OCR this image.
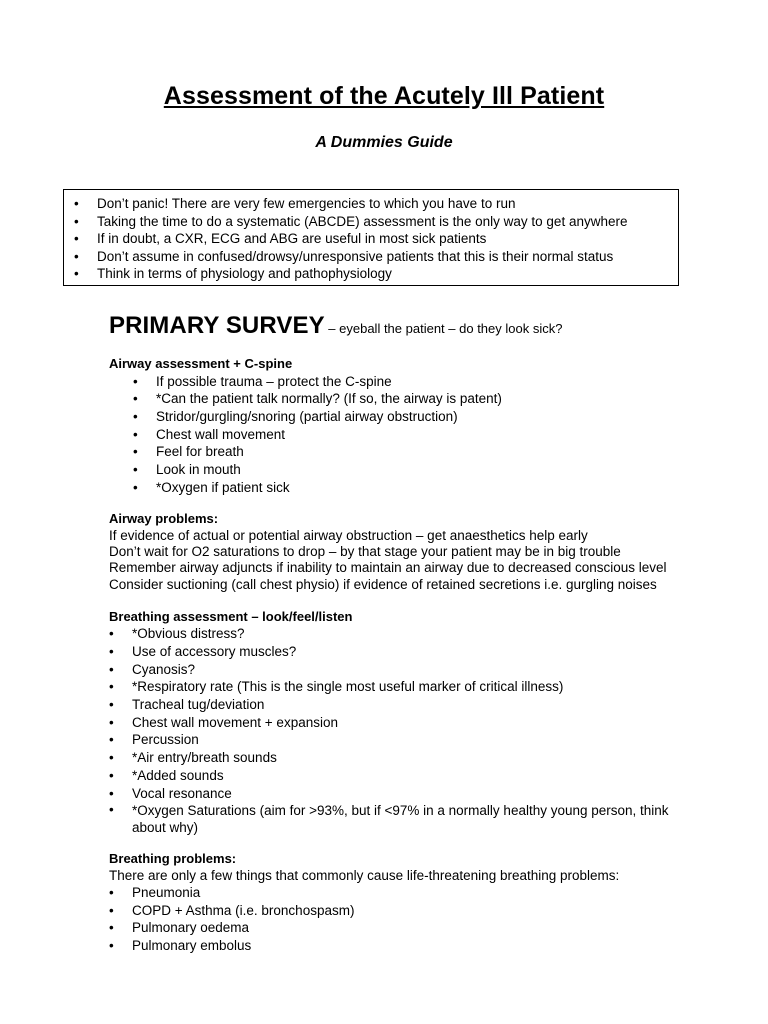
Assessment of the Acutely Ill Patient
A Dummies Guide
• Don’t panic! There are very few emergencies to which you have to run
• Taking the time to do a systematic (ABCDE) assessment is the only way to get anywhere
• If in doubt, a CXR, ECG and ABG are useful in most sick patients
• Don’t assume in confused/drowsy/unresponsive patients that this is their normal status
• Think in terms of physiology and pathophysiology
PRIMARY SURVEY – eyeball the patient – do they look sick?
Airway assessment + C-spine
• If possible trauma – protect the C-spine
• *Can the patient talk normally? (If so, the airway is patent)
• Stridor/gurgling/snoring (partial airway obstruction)
• Chest wall movement
• Feel for breath
• Look in mouth
• *Oxygen if patient sick
Airway problems:

If evidence of actual or potential airway obstruction – get anaesthetics help early

Don’t wait for O2 saturations to drop – by that stage your patient may be in big trouble

Remember airway adjuncts if inability to maintain an airway due to decreased conscious level

Consider suctioning (call chest physio) if evidence of retained secretions i.e. gurgling noises

Breathing assessment – look/feel/listen
• *Obvious distress?
• Use of accessory muscles?
• Cyanosis?
• *Respiratory rate (This is the single most useful marker of critical illness)
• Tracheal tug/deviation
• Chest wall movement + expansion
• Percussion
• *Air entry/breath sounds
• *Added sounds
• Vocal resonance
• *Oxygen Saturations (aim for >93%, but if <97% in a normally healthy young person, think about why)
Breathing problems:

There are only a few things that commonly cause life-threatening breathing problems:

• Pneumonia
• COPD + Asthma (i.e. bronchospasm)
• Pulmonary oedema
• Pulmonary embolus
